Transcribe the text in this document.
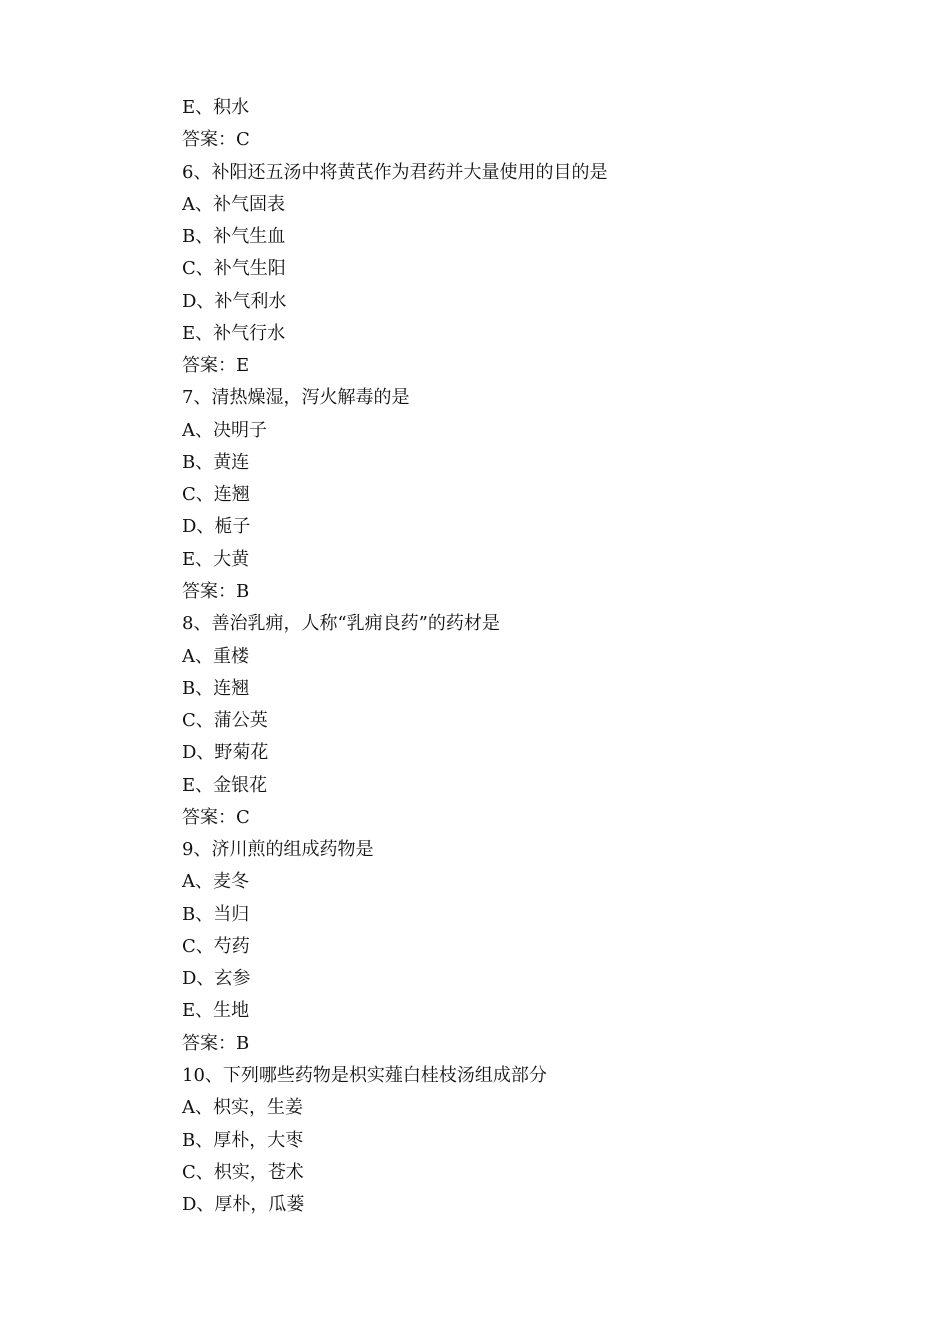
E、积水
答案：C
6、补阳还五汤中将黄芪作为君药并大量使用的目的是
A、补气固表
B、补气生血
C、补气生阳
D、补气利水
E、补气行水
答案：E
7、清热燥湿，泻火解毒的是
A、决明子
B、黄连
C、连翘
D、栀子
E、大黄
答案：B
8、善治乳痈，人称“乳痈良药”的药材是
A、重楼
B、连翘
C、蒲公英
D、野菊花
E、金银花
答案：C
9、济川煎的组成药物是
A、麦冬
B、当归
C、芍药
D、玄参
E、生地
答案：B
10、下列哪些药物是枳实薤白桂枝汤组成部分
A、枳实，生姜
B、厚朴，大枣
C、枳实，苍术
D、厚朴，瓜蒌
